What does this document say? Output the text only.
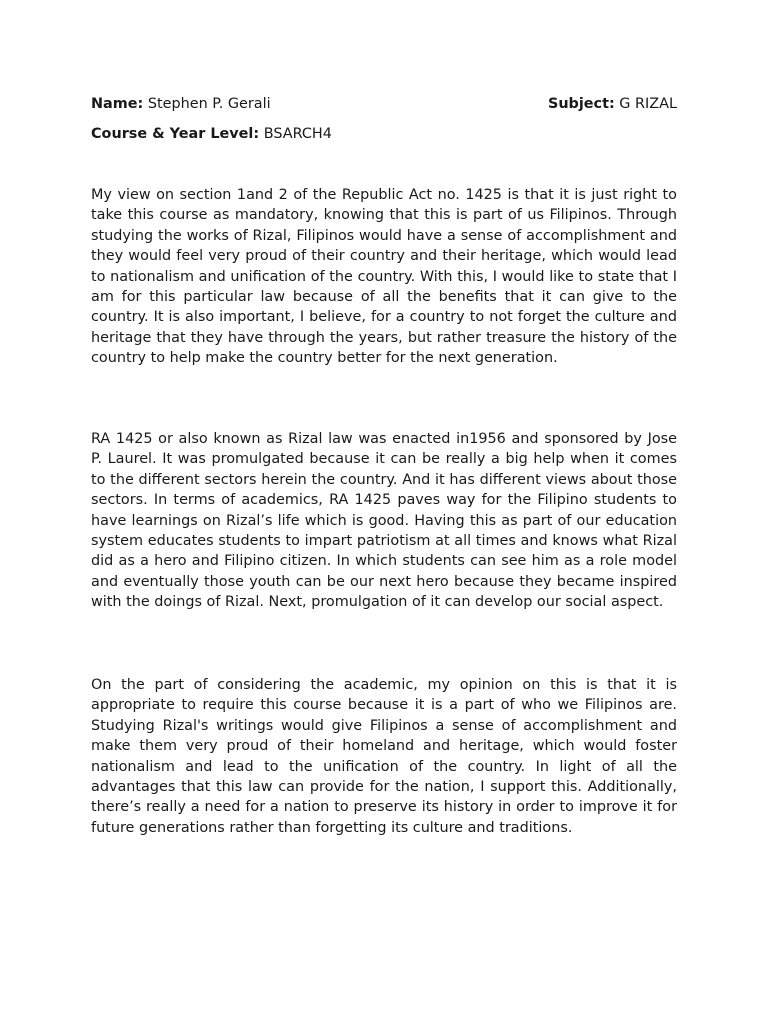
Name: Stephen P. Gerali	Subject: G RIZAL
Course & Year Level: BSARCH4

My view on section 1and 2 of the Republic Act no. 1425 is that it is just right to take this course as mandatory, knowing that this is part of us Filipinos. Through studying the works of Rizal, Filipinos would have a sense of accomplishment and they would feel very proud of their country and their heritage, which would lead to nationalism and unification of the country. With this, I would like to state that I am for this particular law because of all the benefits that it can give to the country. It is also important, I believe, for a country to not forget the culture and heritage that they have through the years, but rather treasure the history of the country to help make the country better for the next generation.

RA 1425 or also known as Rizal law was enacted in1956 and sponsored by Jose P. Laurel. It was promulgated because it can be really a big help when it comes to the different sectors herein the country. And it has different views about those sectors. In terms of academics, RA 1425 paves way for the Filipino students to have learnings on Rizal’s life which is good. Having this as part of our education system educates students to impart patriotism at all times and knows what Rizal did as a hero and Filipino citizen. In which students can see him as a role model and eventually those youth can be our next hero because they became inspired with the doings of Rizal. Next, promulgation of it can develop our social aspect.

On the part of considering the academic, my opinion on this is that it is appropriate to require this course because it is a part of who we Filipinos are. Studying Rizal's writings would give Filipinos a sense of accomplishment and make them very proud of their homeland and heritage, which would foster nationalism and lead to the unification of the country. In light of all the advantages that this law can provide for the nation, I support this. Additionally, there’s really a need for a nation to preserve its history in order to improve it for future generations rather than forgetting its culture and traditions.
